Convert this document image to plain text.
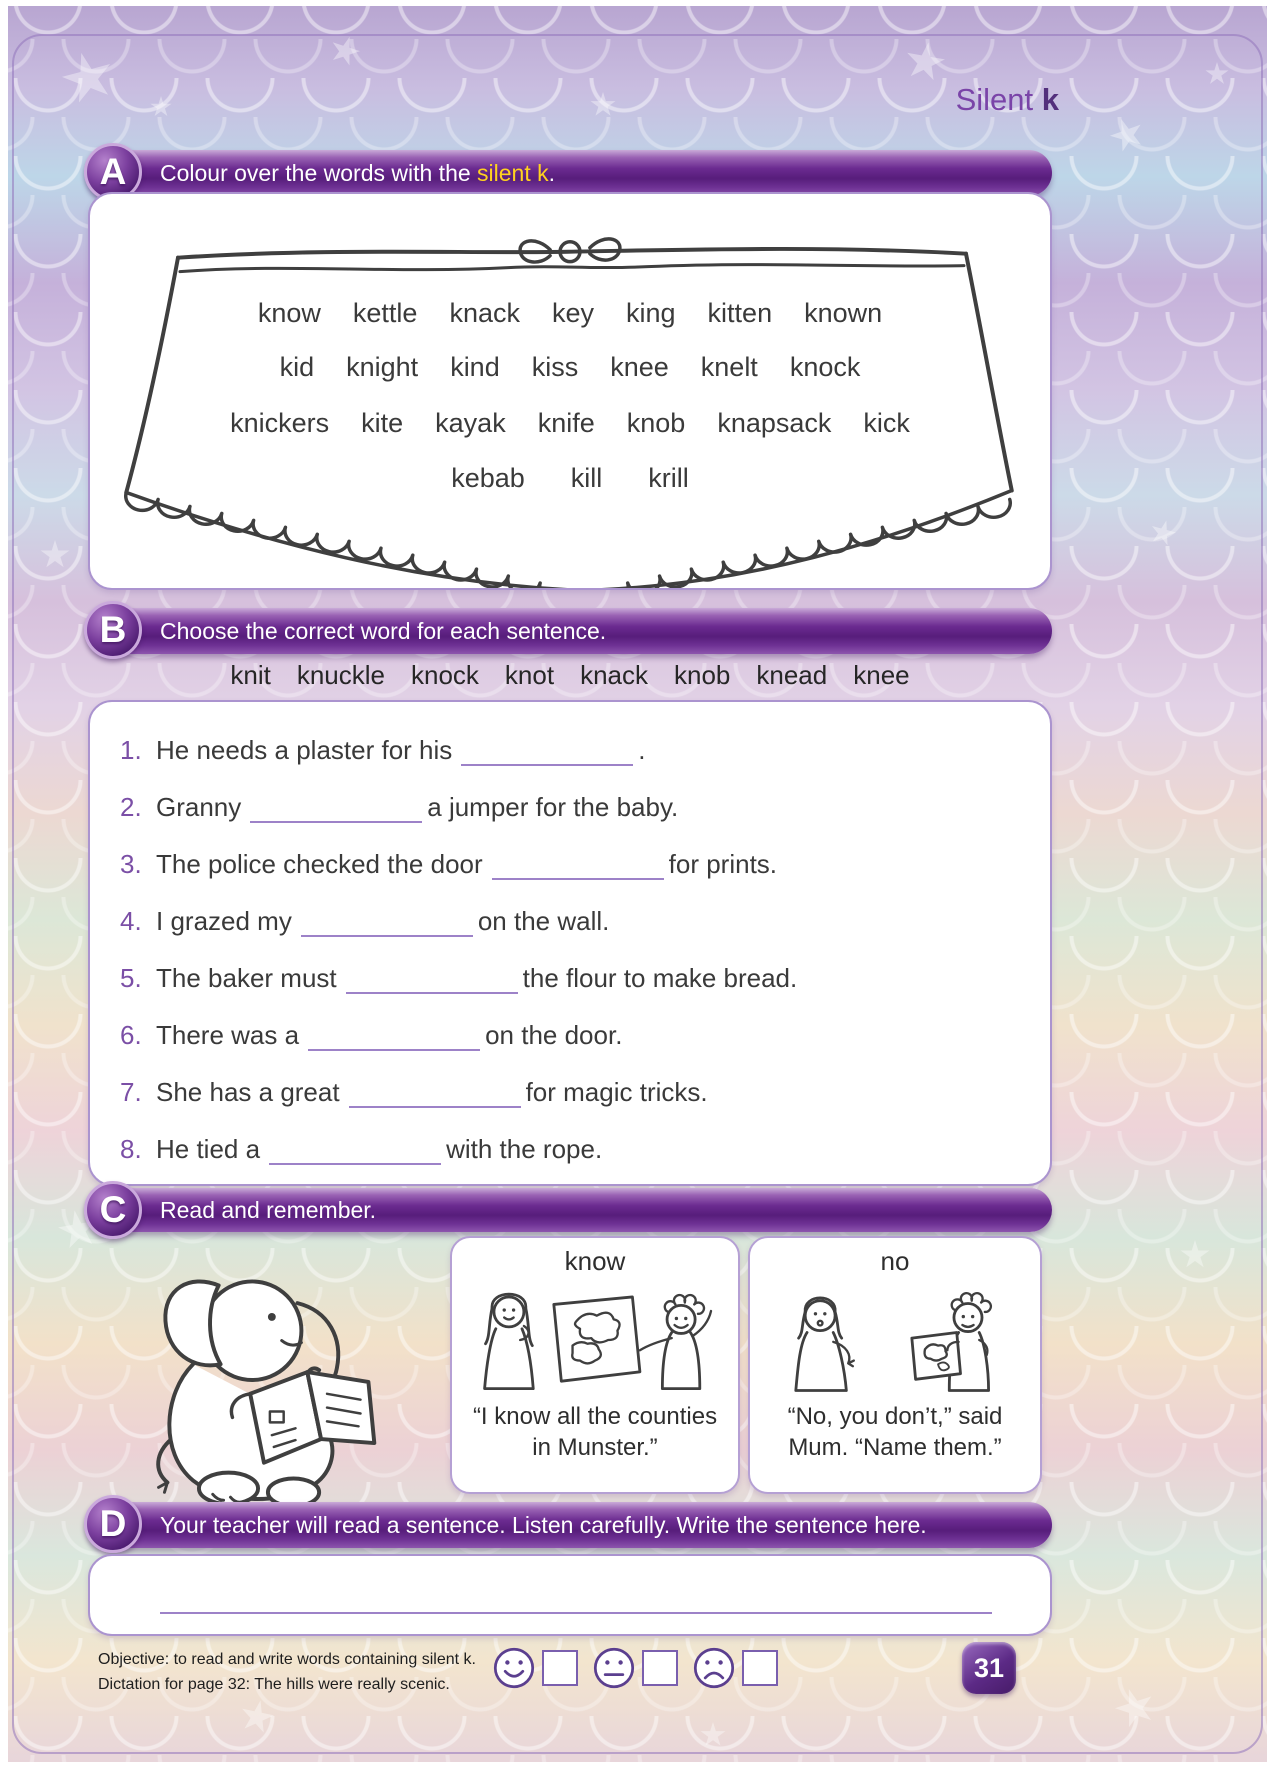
Silent k
A	Colour over the words with the silent k.
know kettle knack key king kitten known
kid knight kind kiss knee knelt knock
knickers kite kayak knife knob knapsack kick
kebab kill krill
B	Choose the correct word for each sentence.
knit knuckle knock knot knack knob knead knee
1. He needs a plaster for his	.
2. Granny	a jumper for the baby.
3. The police checked the door	for prints.
4. I grazed my	on the wall.
5. The baker must	the flour to make bread.
6. There was a	on the door.
7. She has a great	for magic tricks.
8. He tied a	with the rope.
C	Read and remember.
know
“I know all the counties
in Munster.”
no
“No, you don’t,” said
Mum. “Name them.”
D	Your teacher will read a sentence. Listen carefully. Write the sentence here.
Objective: to read and write words containing silent k.
Dictation for page 32: The hills were really scenic.
31
